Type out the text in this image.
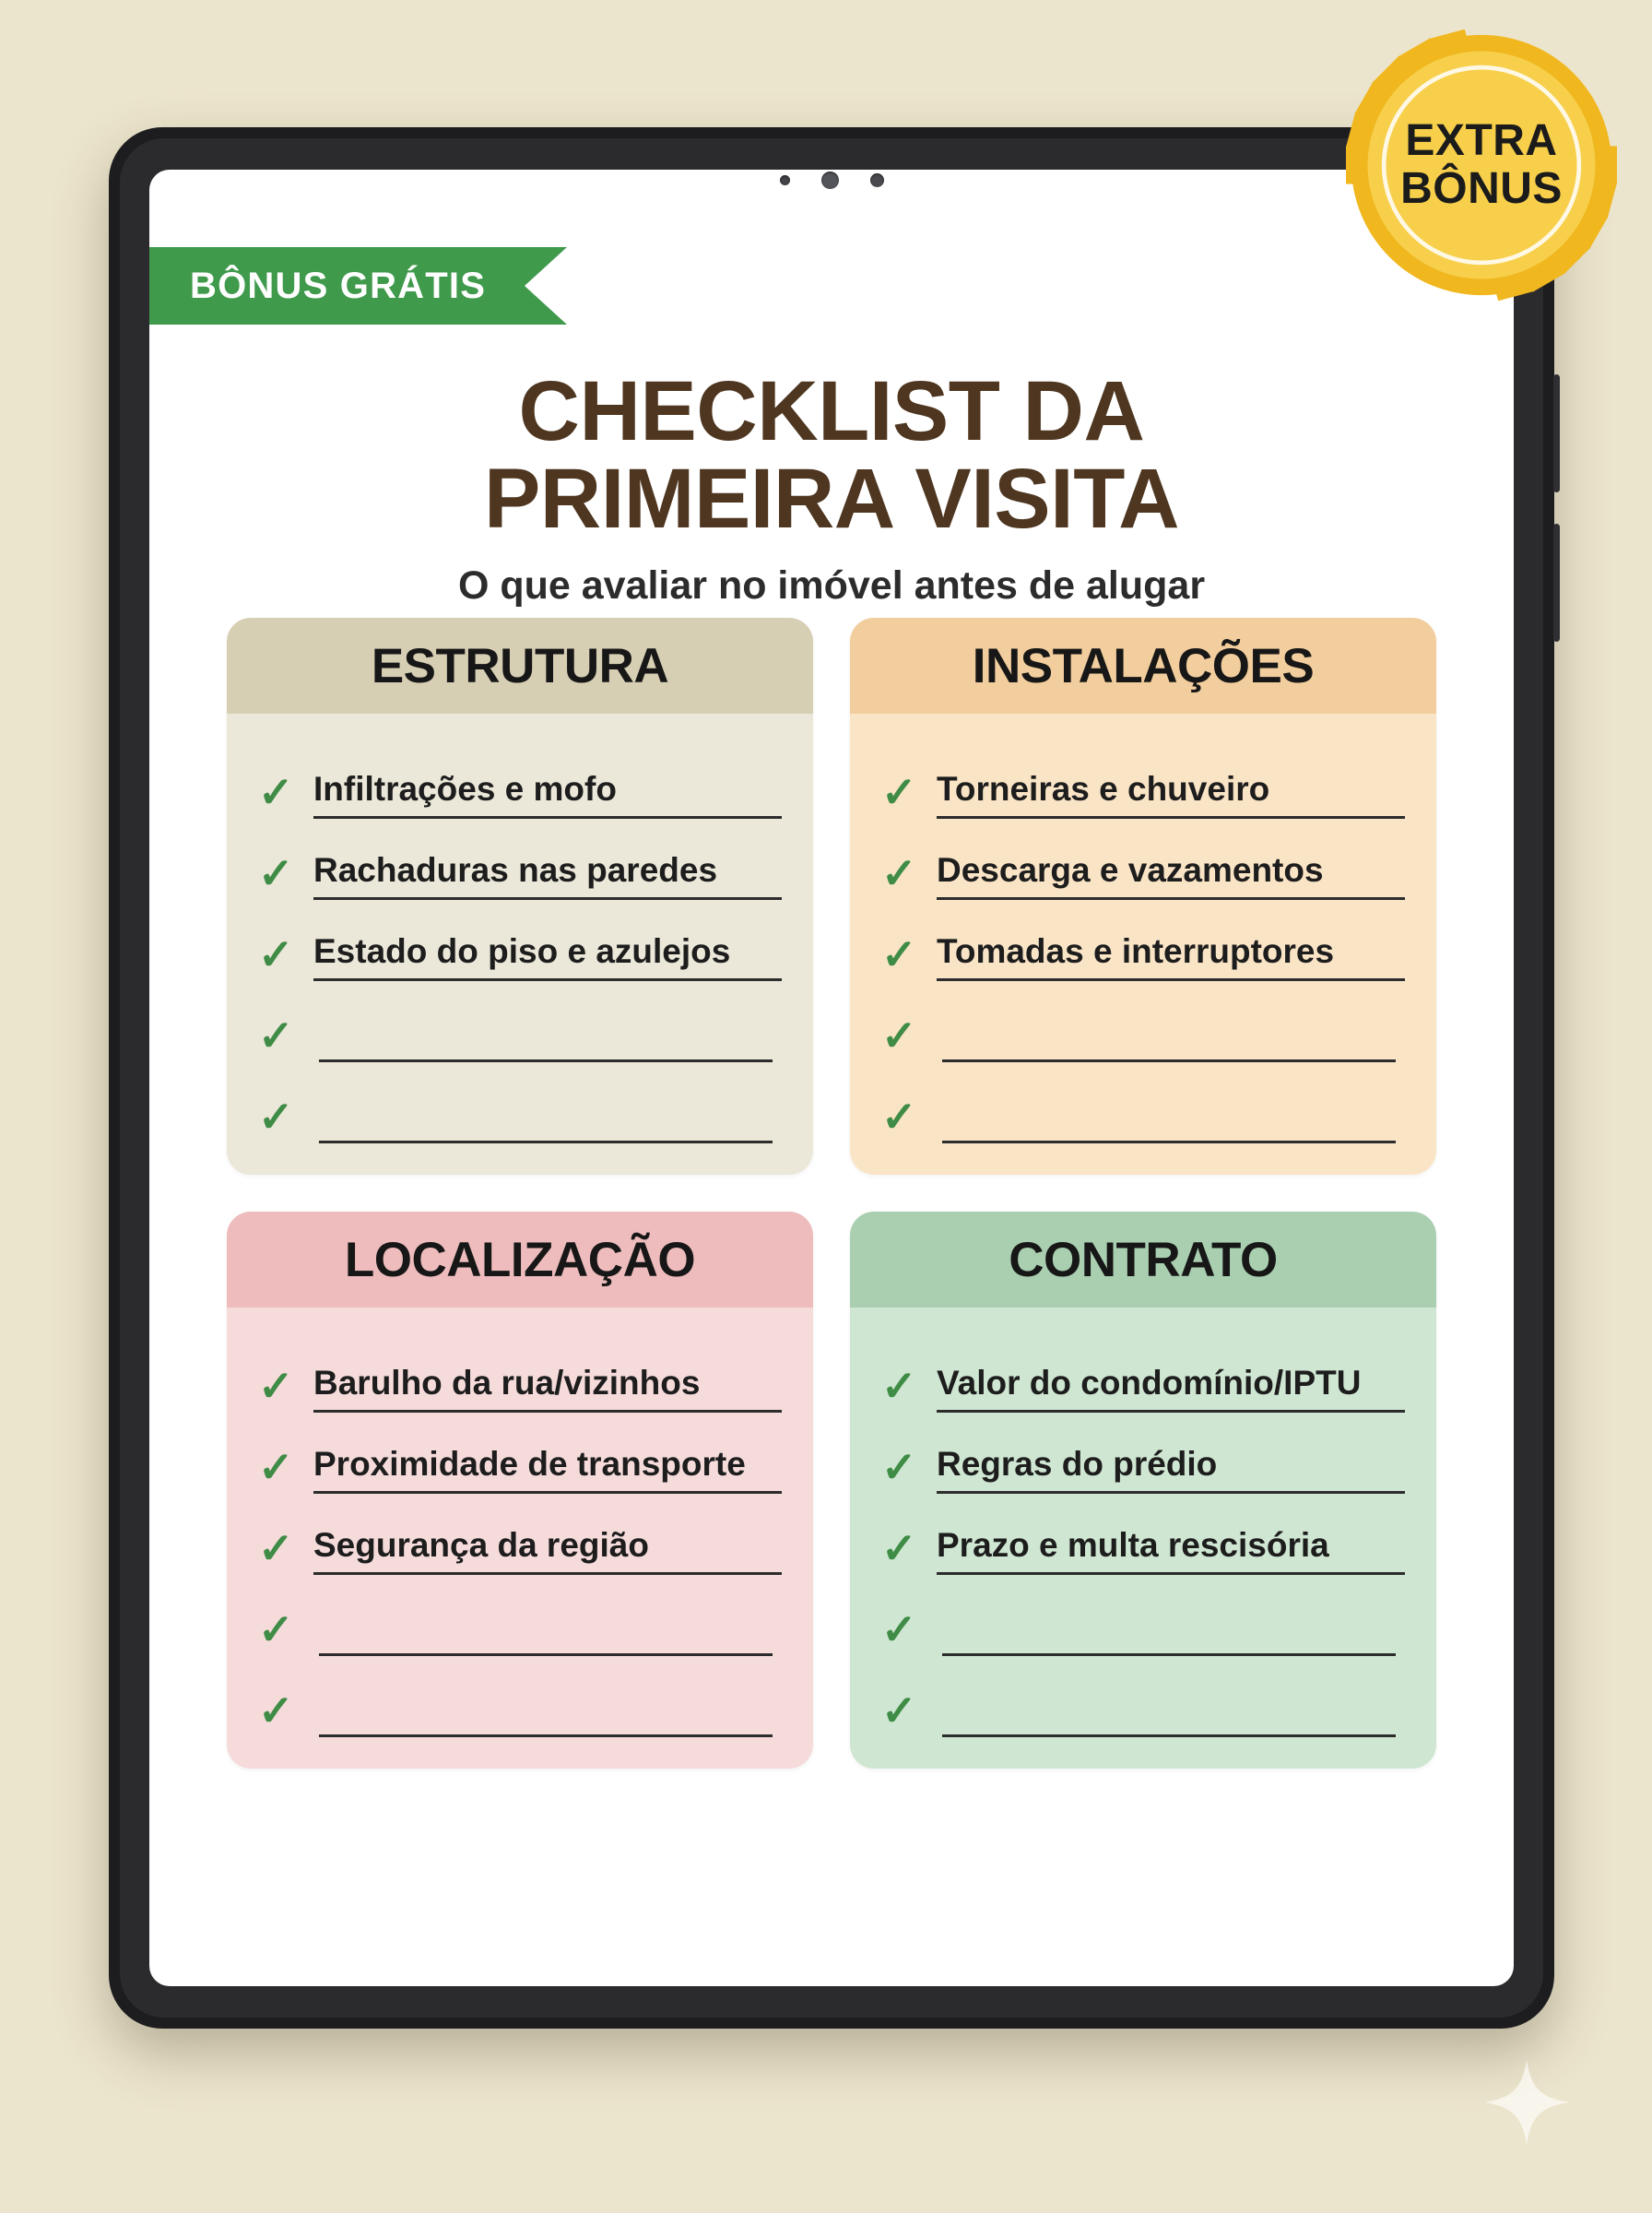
BÔNUS GRÁTIS
CHECKLIST DA
PRIMEIRA VISITA
O que avaliar no imóvel antes de alugar
ESTRUTURA
✓ Infiltrações e mofo
✓ Rachaduras nas paredes
✓ Estado do piso e azulejos
✓
✓
INSTALAÇÕES
✓ Torneiras e chuveiro
✓ Descarga e vazamentos
✓ Tomadas e interruptores
✓
✓
LOCALIZAÇÃO
✓ Barulho da rua/vizinhos
✓ Proximidade de transporte
✓ Segurança da região
✓
✓
CONTRATO
✓ Valor do condomínio/IPTU
✓ Regras do prédio
✓ Prazo e multa rescisória
✓
✓
EXTRA
BÔNUS
